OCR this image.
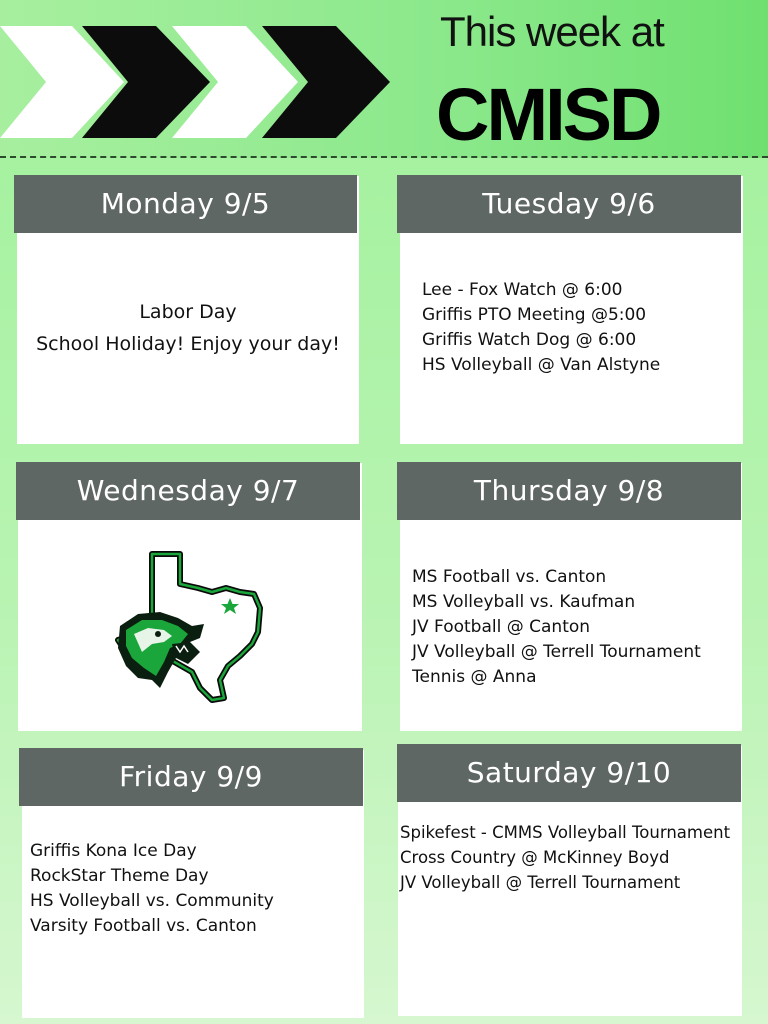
This week at
CMISD
Monday 9/5
Labor Day
School Holiday! Enjoy your day!
Tuesday 9/6
Lee - Fox Watch @ 6:00
Griffis PTO Meeting @5:00
Griffis Watch Dog @ 6:00
HS Volleyball @ Van Alstyne
Wednesday 9/7	Thursday 9/8
MS Football vs. Canton
MS Volleyball vs. Kaufman
JV Football @ Canton
JV Volleyball @ Terrell Tournament
Tennis @ Anna
Friday 9/9
Griffis Kona Ice Day
RockStar Theme Day
HS Volleyball vs. Community
Varsity Football vs. Canton
Saturday 9/10
Spikefest - CMMS Volleyball Tournament
Cross Country @ McKinney Boyd
JV Volleyball @ Terrell Tournament
